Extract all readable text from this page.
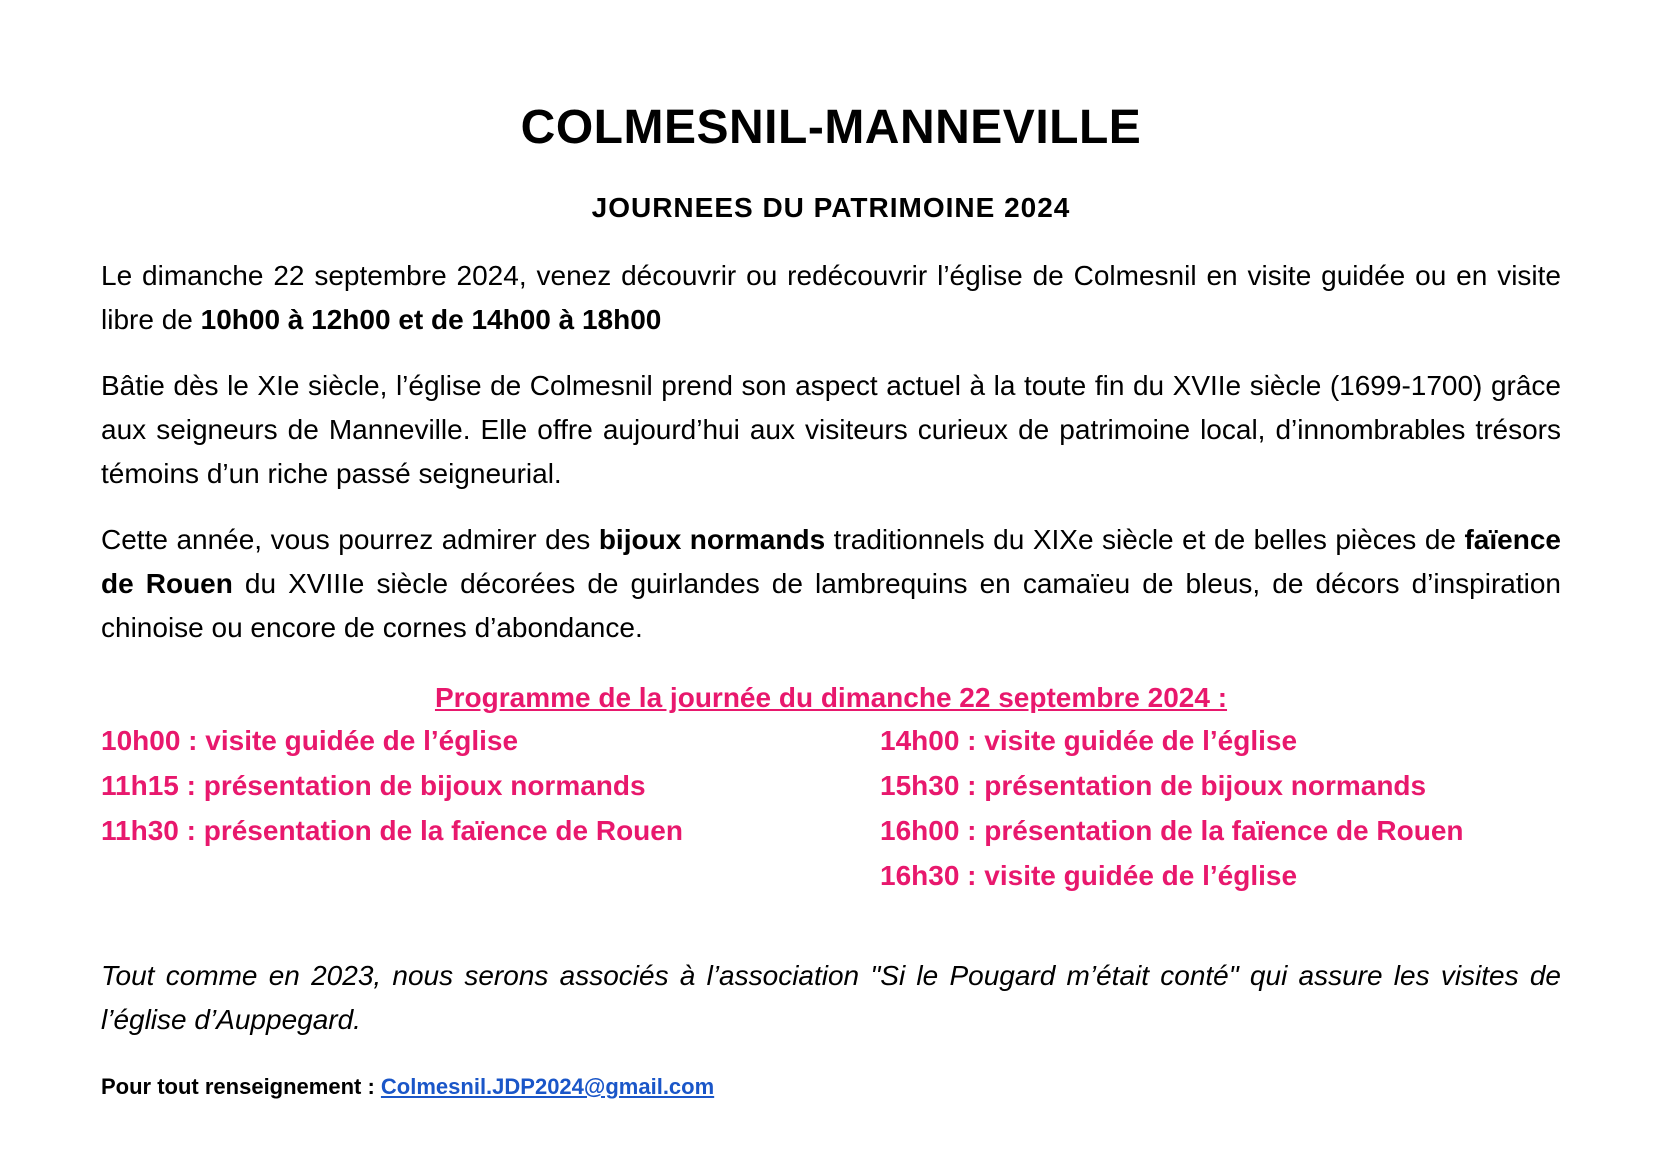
COLMESNIL-MANNEVILLE
JOURNEES DU PATRIMOINE 2024
Le dimanche 22 septembre 2024, venez découvrir ou redécouvrir l’église de Colmesnil en visite guidée ou en visite libre de 10h00 à 12h00 et de 14h00 à 18h00
Bâtie dès le XIe siècle, l’église de Colmesnil prend son aspect actuel à la toute fin du XVIIe siècle (1699-1700) grâce aux seigneurs de Manneville. Elle offre aujourd’hui aux visiteurs curieux de patrimoine local, d’innombrables trésors témoins d’un riche passé seigneurial.
Cette année, vous pourrez admirer des bijoux normands traditionnels du XIXe siècle et de belles pièces de faïence de Rouen du XVIIIe siècle décorées de guirlandes de lambrequins en camaïeu de bleus, de décors d’inspiration chinoise ou encore de cornes d’abondance.
Programme de la journée du dimanche 22 septembre 2024 :
10h00 : visite guidée de l’église
11h15 : présentation de bijoux normands
11h30 : présentation de la faïence de Rouen
14h00 : visite guidée de l’église
15h30 : présentation de bijoux normands
16h00 : présentation de la faïence de Rouen
16h30 : visite guidée de l’église
Tout comme en 2023, nous serons associés à l’association "Si le Pougard m’était conté" qui assure les visites de l’église d’Auppegard.
Pour tout renseignement : Colmesnil.JDP2024@gmail.com
